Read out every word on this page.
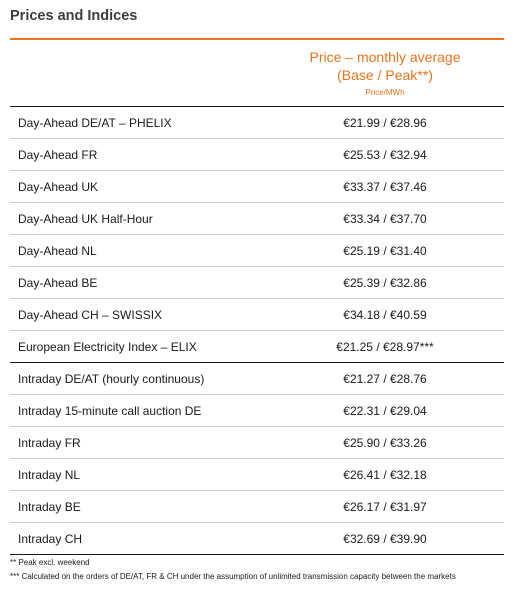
Prices and Indices
Price – monthly average
(Base / Peak**)
Price/MWh
Day-Ahead DE/AT – PHELIX	€21.99 / €28.96
Day-Ahead FR	€25.53 / €32.94
Day-Ahead UK	€33.37 / €37.46
Day-Ahead UK Half-Hour	€33.34 / €37.70
Day-Ahead NL	€25.19 / €31.40
Day-Ahead BE	€25.39 / €32.86
Day-Ahead CH – SWISSIX	€34.18 / €40.59
European Electricity Index – ELIX	€21.25 / €28.97***
Intraday DE/AT (hourly continuous)	€21.27 / €28.76
Intraday 15-minute call auction DE	€22.31 / €29.04
Intraday FR	€25.90 / €33.26
Intraday NL	€26.41 / €32.18
Intraday BE	€26.17 / €31.97
Intraday CH	€32.69 / €39.90
** Peak excl. weekend
*** Calculated on the orders of DE/AT, FR & CH under the assumption of unlimited transmission capacity between the markets
